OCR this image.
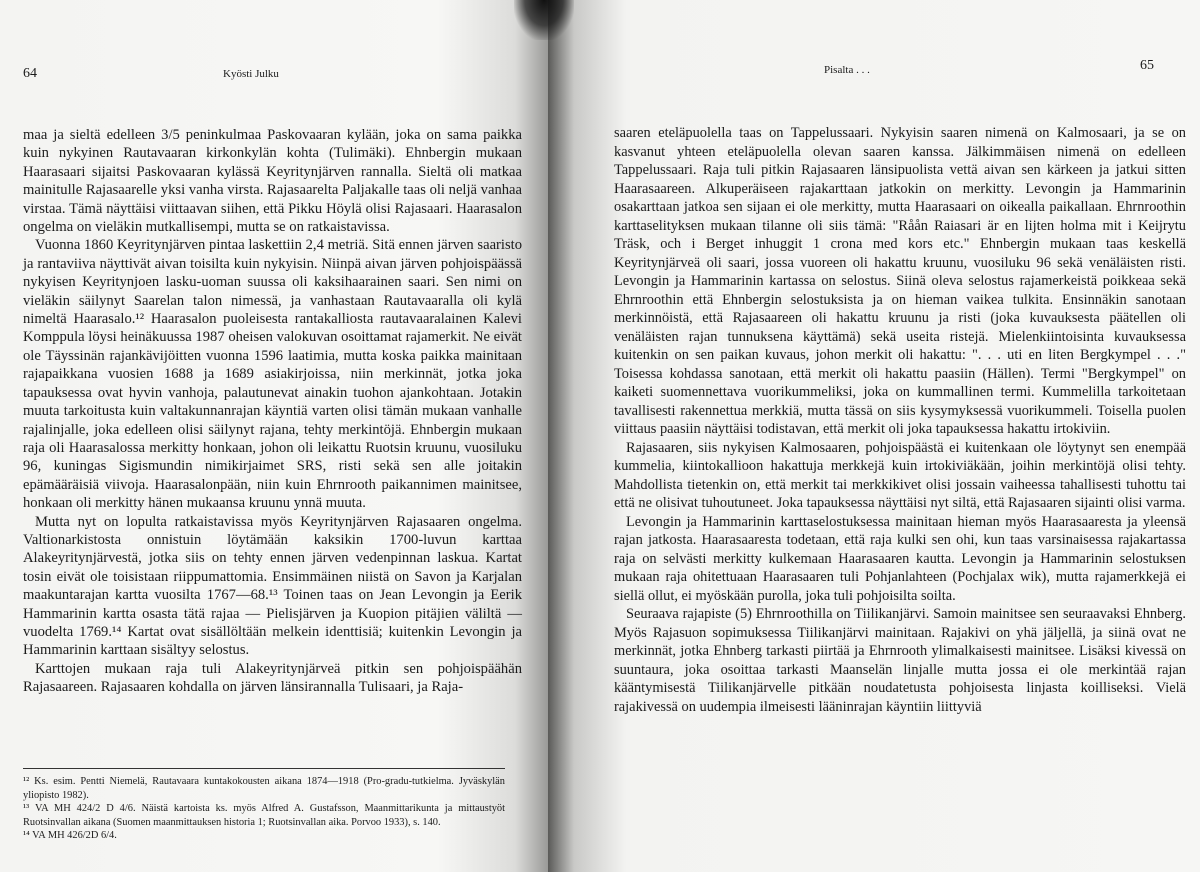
64	Kyösti Julku

maa ja sieltä edelleen 3/5 peninkulmaa Paskovaaran kylään, joka on sama paikka kuin nykyinen Rautavaaran kirkonkylän kohta (Tulimäki). Ehnbergin mukaan Haarasaari sijaitsi Paskovaaran kylässä Keyritynjärven rannalla. Sieltä oli matkaa mainitulle Rajasaarelle yksi vanha virsta. Rajasaarelta Paljakalle taas oli neljä vanhaa virstaa. Tämä näyttäisi viittaavan siihen, että Pikku Höylä olisi Rajasaari. Haarasalon ongelma on vieläkin mutkallisempi, mutta se on ratkaistavissa.

Vuonna 1860 Keyritynjärven pintaa laskettiin 2,4 metriä. Sitä ennen järven saaristo ja rantaviiva näyttivät aivan toisilta kuin nykyisin. Niinpä aivan järven pohjoispäässä nykyisen Keyritynjoen lasku-uoman suussa oli kaksihaarainen saari. Sen nimi on vieläkin säilynyt Saarelan talon nimessä, ja vanhastaan Rautavaaralla oli kylä nimeltä Haarasalo.¹² Haarasalon puoleisesta rantakalliosta rautavaaralainen Kalevi Komppula löysi heinäkuussa 1987 oheisen valokuvan osoittamat rajamerkit. Ne eivät ole Täyssinän rajankävijöitten vuonna 1596 laatimia, mutta koska paikka mainitaan rajapaikkana vuosien 1688 ja 1689 asiakirjoissa, niin merkinnät, jotka joka tapauksessa ovat hyvin vanhoja, palautunevat ainakin tuohon ajankohtaan. Jotakin muuta tarkoitusta kuin valtakunnanrajan käyntiä varten olisi tämän mukaan vanhalle rajalinjalle, joka edelleen olisi säilynyt rajana, tehty merkintöjä. Ehnbergin mukaan raja oli Haarasalossa merkitty honkaan, johon oli leikattu Ruotsin kruunu, vuosiluku 96, kuningas Sigismundin nimikirjaimet SRS, risti sekä sen alle joitakin epämääräisiä viivoja. Haarasalonpään, niin kuin Ehrnrooth paikannimen mainitsee, honkaan oli merkitty hänen mukaansa kruunu ynnä muuta.

Mutta nyt on lopulta ratkaistavissa myös Keyritynjärven Rajasaaren ongelma. Valtionarkistosta onnistuin löytämään kaksikin 1700-luvun karttaa Alakeyritynjärvestä, jotka siis on tehty ennen järven vedenpinnan laskua. Kartat tosin eivät ole toisistaan riippumattomia. Ensimmäinen niistä on Savon ja Karjalan maakuntarajan kartta vuosilta 1767—68.¹³ Toinen taas on Jean Levongin ja Eerik Hammarinin kartta osasta tätä rajaa — Pielisjärven ja Kuopion pitäjien väliltä — vuodelta 1769.¹⁴ Kartat ovat sisällöltään melkein identtisiä; kuitenkin Levongin ja Hammarinin karttaan sisältyy selostus.

Karttojen mukaan raja tuli Alakeyritynjärveä pitkin sen pohjoispäähän Rajasaareen. Rajasaaren kohdalla on järven länsirannalla Tulisaari, ja Raja-

¹² Ks. esim. Pentti Niemelä, Rautavaara kuntakokousten aikana 1874—1918 (Pro-gradu-tutkielma. Jyväskylän yliopisto 1982).

¹³ VA MH 424/2 D 4/6. Näistä kartoista ks. myös Alfred A. Gustafsson, Maanmittarikunta ja mittaustyöt Ruotsinvallan aikana (Suomen maanmittauksen historia 1; Ruotsinvallan aika. Porvoo 1933), s. 140.

¹⁴ VA MH 426/2D 6/4.

Pisalta . . .	65

saaren eteläpuolella taas on Tappelussaari. Nykyisin saaren nimenä on Kalmosaari, ja se on kasvanut yhteen eteläpuolella olevan saaren kanssa. Jälkimmäisen nimenä on edelleen Tappelussaari. Raja tuli pitkin Rajasaaren länsipuolista vettä aivan sen kärkeen ja jatkui sitten Haarasaareen. Alkuperäiseen rajakarttaan jatkokin on merkitty. Levongin ja Hammarinin osakarttaan jatkoa sen sijaan ei ole merkitty, mutta Haarasaari on oikealla paikallaan. Ehrnroothin karttaselityksen mukaan tilanne oli siis tämä: "Råån Raiasari är en lijten holma mit i Keijrytu Träsk, och i Berget inhuggit 1 crona med kors etc." Ehnbergin mukaan taas keskellä Keyritynjärveä oli saari, jossa vuoreen oli hakattu kruunu, vuosiluku 96 sekä venäläisten risti. Levongin ja Hammarinin kartassa on selostus. Siinä oleva selostus rajamerkeistä poikkeaa sekä Ehrnroothin että Ehnbergin selostuksista ja on hieman vaikea tulkita. Ensinnäkin sanotaan merkinnöistä, että Rajasaareen oli hakattu kruunu ja risti (joka kuvauksesta päätellen oli venäläisten rajan tunnuksena käyttämä) sekä useita ristejä. Mielenkiintoisinta kuvauksessa kuitenkin on sen paikan kuvaus, johon merkit oli hakattu: ". . . uti en liten Bergkympel . . ." Toisessa kohdassa sanotaan, että merkit oli hakattu paasiin (Hällen). Termi "Bergkympel" on kaiketi suomennettava vuorikummeliksi, joka on kummallinen termi. Kummelilla tarkoitetaan tavallisesti rakennettua merkkiä, mutta tässä on siis kysymyksessä vuorikummeli. Toisella puolen viittaus paasiin näyttäisi todistavan, että merkit oli joka tapauksessa hakattu irtokiviin.

Rajasaaren, siis nykyisen Kalmosaaren, pohjoispäästä ei kuitenkaan ole löytynyt sen enempää kummelia, kiintokallioon hakattuja merkkejä kuin irtokiviäkään, joihin merkintöjä olisi tehty. Mahdollista tietenkin on, että merkit tai merkkikivet olisi jossain vaiheessa tahallisesti tuhottu tai että ne olisivat tuhoutuneet. Joka tapauksessa näyttäisi nyt siltä, että Rajasaaren sijainti olisi varma.

Levongin ja Hammarinin karttaselostuksessa mainitaan hieman myös Haarasaaresta ja yleensä rajan jatkosta. Haarasaaresta todetaan, että raja kulki sen ohi, kun taas varsinaisessa rajakartassa raja on selvästi merkitty kulkemaan Haarasaaren kautta. Levongin ja Hammarinin selostuksen mukaan raja ohitettuaan Haarasaaren tuli Pohjanlahteen (Pochjalax wik), mutta rajamerkkejä ei siellä ollut, ei myöskään purolla, joka tuli pohjoisilta soilta.

Seuraava rajapiste (5) Ehrnroothilla on Tiilikanjärvi. Samoin mainitsee sen seuraavaksi Ehnberg. Myös Rajasuon sopimuksessa Tiilikanjärvi mainitaan. Rajakivi on yhä jäljellä, ja siinä ovat ne merkinnät, jotka Ehnberg tarkasti piirtää ja Ehrnrooth ylimalkaisesti mainitsee. Lisäksi kivessä on suuntaura, joka osoittaa tarkasti Maanselän linjalle muttа jossa ei ole merkintää rajan kääntymisestä Tiilikanjärvelle pitkään noudatetusta pohjoisesta linjasta koilliseksi. Vielä rajakivessä on uudempia ilmeisesti lääninrajan käyntiin liittyviä
